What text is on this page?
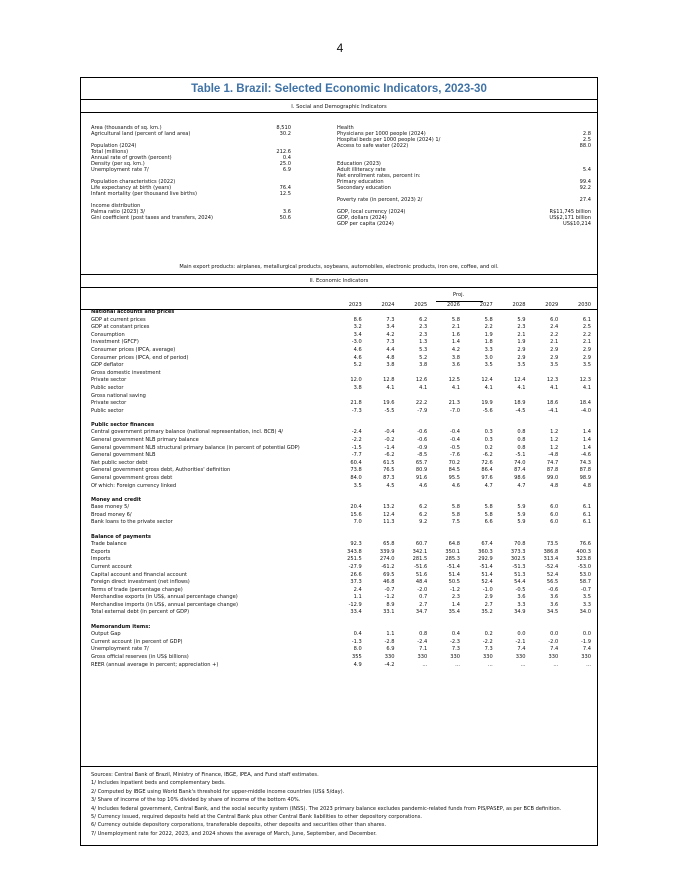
4
Table 1. Brazil: Selected Economic Indicators, 2023-30
I. Social and Demographic Indicators
Area (thousands of sq. km.)	8,510
Agricultural land (percent of land area)	30.2
Population (2024)
Total (millions)	212.6
Annual rate of growth (percent)	0.4
Density (per sq. km.)	25.0
Unemployment rate 7/	6.9
Population characteristics (2022)
Life expectancy at birth (years)	76.4
Infant mortality (per thousand live births)	12.5
Income distribution
Palma ratio (2023) 3/	3.6
Gini coefficient (post taxes and transfers, 2024)	50.6
Health
Physicians per 1000 people (2024)	2.8
Hospital beds per 1000 people (2024) 1/	2.5
Access to safe water (2022)	88.0
Education (2023)
Adult illiteracy rate	5.4
Net enrollment rates, percent in:
Primary education	99.4
Secondary education	92.2
Poverty rate (in percent, 2023) 2/	27.4
GDP, local currency (2024)	R$11,745 billion
GDP, dollars (2024)	US$2,171 billion
GDP per capita (2024)	US$10,214
Main export products: airplanes, metallurgical products, soybeans, automobiles, electronic products, iron ore, coffee, and oil.
II. Economic Indicators
Proj.
	2023	2024	2025	2026	2027	2028	2029	2030
National accounts and prices								
GDP at current prices	8.6	7.3	6.2	5.8	5.8	5.9	6.0	6.1
GDP at constant prices	3.2	3.4	2.3	2.1	2.2	2.3	2.4	2.5
Consumption	3.4	4.2	2.3	1.6	1.9	2.1	2.2	2.2
Investment (GFCF)	-3.0	7.3	1.3	1.4	1.8	1.9	2.1	2.1
Consumer prices (IPCA, average)	4.6	4.4	5.3	4.2	3.3	2.9	2.9	2.9
Consumer prices (IPCA, end of period)	4.6	4.8	5.2	3.8	3.0	2.9	2.9	2.9
GDP deflator	5.2	3.8	3.8	3.6	3.5	3.5	3.5	3.5
Gross domestic investment								
Private sector	12.0	12.8	12.6	12.5	12.4	12.4	12.3	12.3
Public sector	3.8	4.1	4.1	4.1	4.1	4.1	4.1	4.1
Gross national saving								
Private sector	21.8	19.6	22.2	21.3	19.9	18.9	18.6	18.4
Public sector	-7.3	-5.5	-7.9	-7.0	-5.6	-4.5	-4.1	-4.0

Public sector finances								
Central government primary balance (national representation, incl. BCB) 4/	-2.4	-0.4	-0.6	-0.4	0.3	0.8	1.2	1.4
General government NLB primary balance	-2.2	-0.2	-0.6	-0.4	0.3	0.8	1.2	1.4
General government NLB structural primary balance (in percent of potential GDP)	-1.5	-1.4	-0.9	-0.5	0.2	0.8	1.2	1.4
General government NLB	-7.7	-6.2	-8.5	-7.6	-6.2	-5.1	-4.8	-4.6
Net public sector debt	60.4	61.5	65.7	70.2	72.6	74.0	74.7	74.3
General government gross debt, Authorities' definition	73.8	76.5	80.9	84.5	86.4	87.4	87.8	87.8
General government gross debt	84.0	87.3	91.6	95.5	97.6	98.6	99.0	98.9
Of which: Foreign currency linked	3.5	4.5	4.6	4.6	4.7	4.7	4.8	4.8

Money and credit								
Base money 5/	20.4	13.2	6.2	5.8	5.8	5.9	6.0	6.1
Broad money 6/	15.6	12.4	6.2	5.8	5.8	5.9	6.0	6.1
Bank loans to the private sector	7.0	11.3	9.2	7.5	6.6	5.9	6.0	6.1

Balance of payments								
Trade balance	92.3	65.8	60.7	64.8	67.4	70.8	73.5	76.6
Exports	343.8	339.9	342.1	350.1	360.3	373.3	386.8	400.3
Imports	251.5	274.0	281.5	285.3	292.9	302.5	313.4	323.8
Current account	-27.9	-61.2	-51.6	-51.4	-51.4	-51.3	-52.4	-53.0
Capital account and financial account	26.6	69.5	51.6	51.4	51.4	51.3	52.4	53.0
Foreign direct investment (net inflows)	37.3	46.8	48.4	50.5	52.4	54.4	56.5	58.7
Terms of trade (percentage change)	2.4	-0.7	-2.0	-1.2	-1.0	-0.5	-0.6	-0.7
Merchandise exports (in US$, annual percentage change)	1.1	-1.2	0.7	2.3	2.9	3.6	3.6	3.5
Merchandise imports (in US$, annual percentage change)	-12.9	8.9	2.7	1.4	2.7	3.3	3.6	3.3
Total external debt (in percent of GDP)	33.4	33.1	34.7	35.4	35.2	34.9	34.5	34.0

Memorandum items:								
Output Gap	0.4	1.1	0.8	0.4	0.2	0.0	0.0	0.0
Current account (in percent of GDP)	-1.3	-2.8	-2.4	-2.3	-2.2	-2.1	-2.0	-1.9
Unemployment rate 7/	8.0	6.9	7.1	7.3	7.3	7.4	7.4	7.4
Gross official reserves (in US$ billions)	355	330	330	330	330	330	330	330
REER (annual average in percent; appreciation +)	4.9	-4.2	...	...	...	...	...	...
Sources: Central Bank of Brazil, Ministry of Finance, IBGE, IPEA, and Fund staff estimates.
1/ Includes inpatient beds and complementary beds.
2/ Computed by IBGE using World Bank's threshold for upper-middle income countries (US$ 5/day).
3/ Share of income of the top 10% divided by share of income of the bottom 40%.
4/ Includes federal government, Central Bank, and the social security system (INSS). The 2023 primary balance excludes pandemic-related funds from PIS/PASEP, as per BCB definition.
5/ Currency issued, required deposits held at the Central Bank plus other Central Bank liabilities to other depository corporations.
6/ Currency outside depository corporations, transferable deposits, other deposits and securities other than shares.
7/ Unemployment rate for 2022, 2023, and 2024 shows the average of March, June, September, and December.
